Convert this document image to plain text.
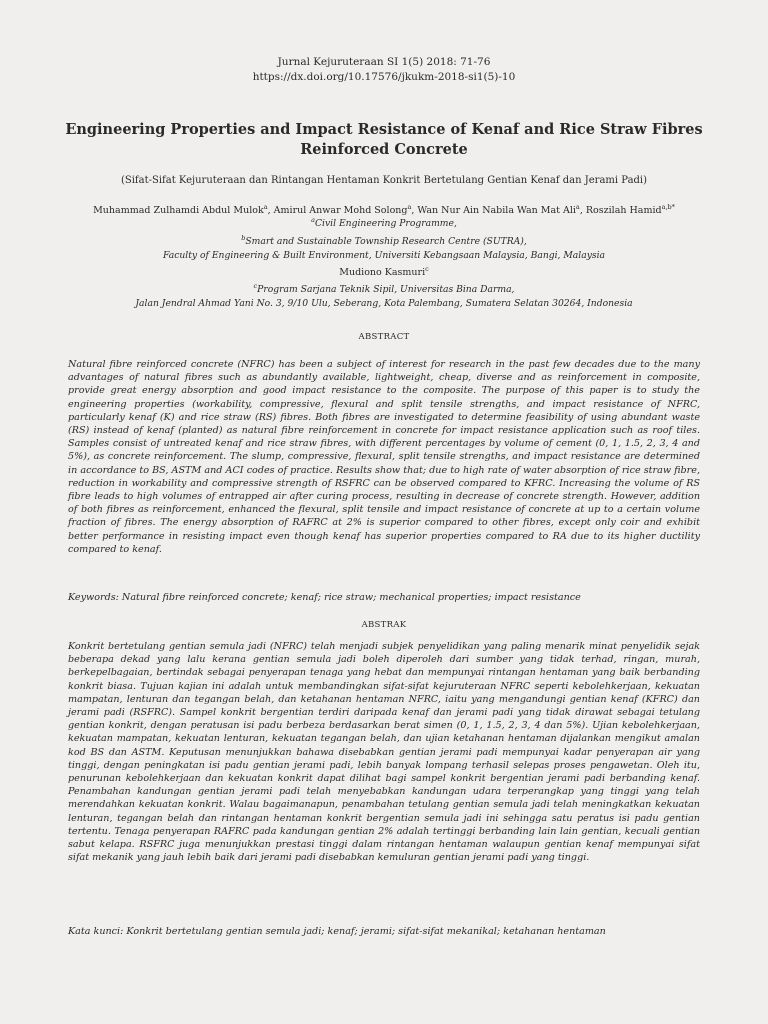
Jurnal Kejuruteraan SI 1(5) 2018: 71-76
https://dx.doi.org/10.17576/jkukm-2018-si1(5)-10
Engineering Properties and Impact Resistance of Kenaf and Rice Straw Fibres Reinforced Concrete
(Sifat-Sifat Kejuruteraan dan Rintangan Hentaman Konkrit Bertetulang Gentian Kenaf dan Jerami Padi)
Muhammad Zulhamdi Abdul Mulok$^a$, Amirul Anwar Mohd Solong$^a$, Wan Nur Ain Nabila Wan Mat Ali$^a$, Roszilah Hamid$^{a,b*}$
$^a$Civil Engineering Programme,
$^b$Smart and Sustainable Township Research Centre (SUTRA),
Faculty of Engineering & Built Environment, Universiti Kebangsaan Malaysia, Bangi, Malaysia
Mudiono Kasmuri$^c$
$^c$Program Sarjana Teknik Sipil, Universitas Bina Darma,
Jalan Jendral Ahmad Yani No. 3, 9/10 Ulu, Seberang, Kota Palembang, Sumatera Selatan 30264, Indonesia
ABSTRACT
Natural fibre reinforced concrete (NFRC) has been a subject of interest for research in the past few decades due to the many advantages of natural fibres such as abundantly available, lightweight, cheap, diverse and as reinforcement in composite, provide great energy absorption and good impact resistance to the composite. The purpose of this paper is to study the engineering properties (workability, compressive, flexural and split tensile strengths, and impact resistance of NFRC, particularly kenaf (K) and rice straw (RS) fibres. Both fibres are investigated to determine feasibility of using abundant waste (RS) instead of kenaf (planted) as natural fibre reinforcement in concrete for impact resistance application such as roof tiles. Samples consist of untreated kenaf and rice straw fibres, with different percentages by volume of cement (0, 1, 1.5, 2, 3, 4 and 5%), as concrete reinforcement. The slump, compressive, flexural, split tensile strengths, and impact resistance are determined in accordance to BS, ASTM and ACI codes of practice. Results show that; due to high rate of water absorption of rice straw fibre, reduction in workability and compressive strength of RSFRC can be observed compared to KFRC. Increasing the volume of RS fibre leads to high volumes of entrapped air after curing process, resulting in decrease of concrete strength. However, addition of both fibres as reinforcement, enhanced the flexural, split tensile and impact resistance of concrete at up to a certain volume fraction of fibres. The energy absorption of RAFRC at 2% is superior compared to other fibres, except only coir and exhibit better performance in resisting impact even though kenaf has superior properties compared to RA due to its higher ductility compared to kenaf.
Keywords: Natural fibre reinforced concrete; kenaf; rice straw; mechanical properties; impact resistance
ABSTRAK
Konkrit bertetulang gentian semula jadi (NFRC) telah menjadi subjek penyelidikan yang paling menarik minat penyelidik sejak beberapa dekad yang lalu kerana gentian semula jadi boleh diperoleh dari sumber yang tidak terhad, ringan, murah, berkepelbagaian, bertindak sebagai penyerapan tenaga yang hebat dan mempunyai rintangan hentaman yang baik berbanding konkrit biasa. Tujuan kajian ini adalah untuk membandingkan sifat-sifat kejuruteraan NFRC seperti kebolehkerjaan, kekuatan mampatan, lenturan dan tegangan belah, dan ketahanan hentaman NFRC, iaitu yang mengandungi gentian kenaf (KFRC) dan jerami padi (RSFRC). Sampel konkrit bergentian terdiri daripada kenaf dan jerami padi yang tidak dirawat sebagai tetulang gentian konkrit, dengan peratusan isi padu berbeza berdasarkan berat simen (0, 1, 1.5, 2, 3, 4 dan 5%). Ujian kebolehkerjaan, kekuatan mampatan, kekuatan lenturan, kekuatan tegangan belah, dan ujian ketahanan hentaman dijalankan mengikut amalan kod BS dan ASTM. Keputusan menunjukkan bahawa disebabkan gentian jerami padi mempunyai kadar penyerapan air yang tinggi, dengan peningkatan isi padu gentian jerami padi, lebih banyak lompang terhasil selepas proses pengawetan. Oleh itu, penurunan kebolehkerjaan dan kekuatan konkrit dapat dilihat bagi sampel konkrit bergentian jerami padi berbanding kenaf. Penambahan kandungan gentian jerami padi telah menyebabkan kandungan udara terperangkap yang tinggi yang telah merendahkan kekuatan konkrit. Walau bagaimanapun, penambahan tetulang gentian semula jadi telah meningkatkan kekuatan lenturan, tegangan belah dan rintangan hentaman konkrit bergentian semula jadi ini sehingga satu peratus isi padu gentian tertentu. Tenaga penyerapan RAFRC pada kandungan gentian 2% adalah tertinggi berbanding lain lain gentian, kecuali gentian sabut kelapa. RSFRC juga menunjukkan prestasi tinggi dalam rintangan hentaman walaupun gentian kenaf mempunyai sifat sifat mekanik yang jauh lebih baik dari jerami padi disebabkan kemuluran gentian jerami padi yang tinggi.
Kata kunci: Konkrit bertetulang gentian semula jadi; kenaf; jerami; sifat-sifat mekanikal; ketahanan hentaman
